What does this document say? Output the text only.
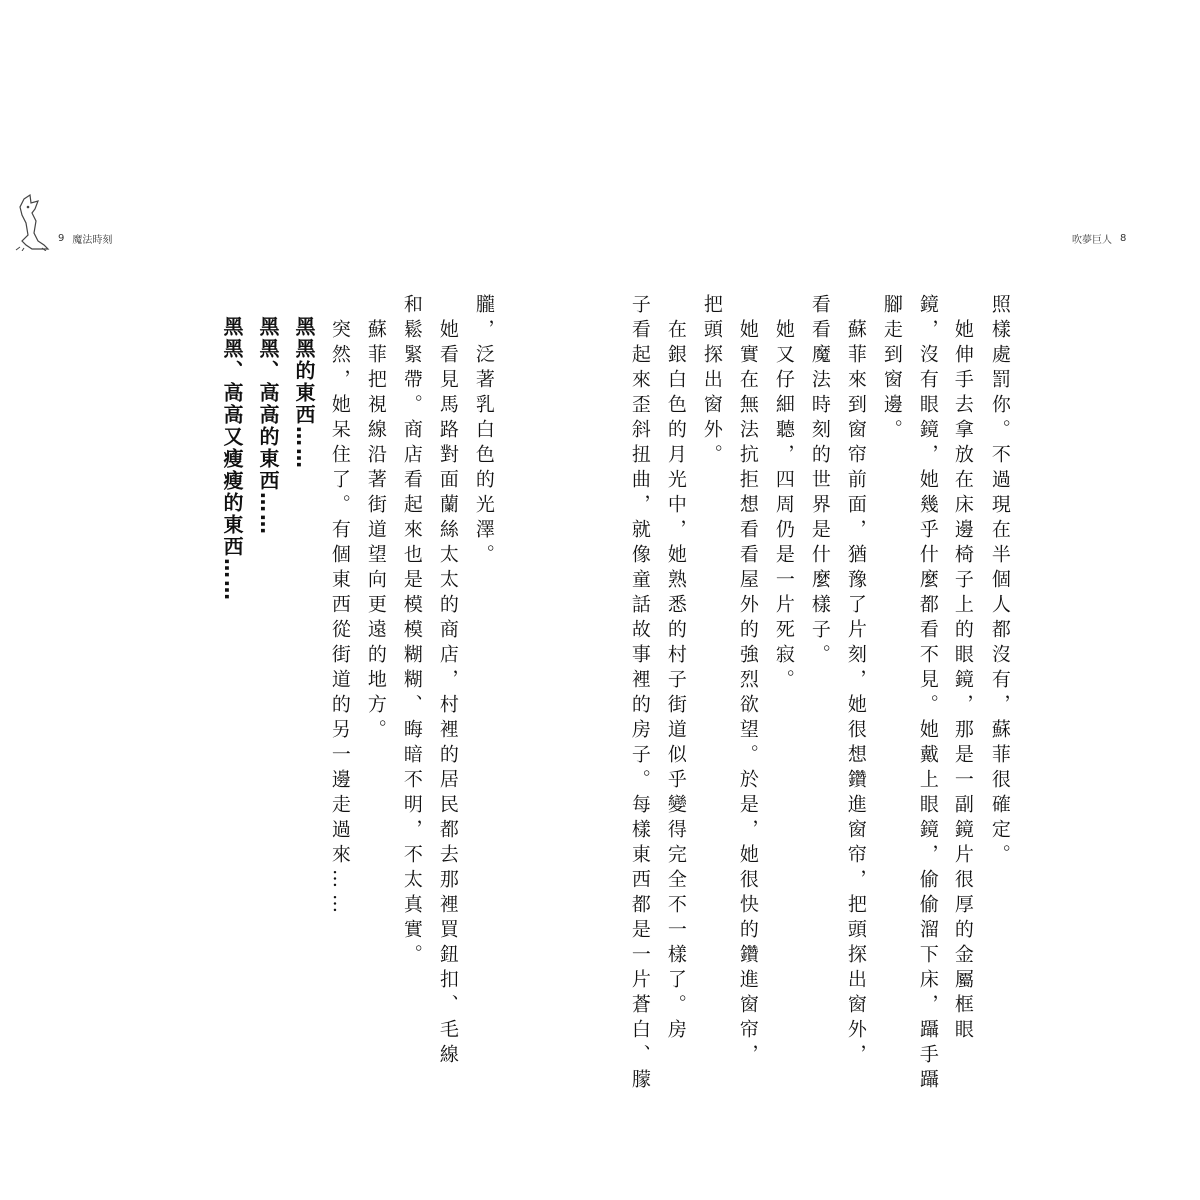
9 魔法時刻	吹夢巨人 8
照樣處罰你。不過現在半個人都沒有，蘇菲很確定。
　她伸手去拿放在床邊椅子上的眼鏡，那是一副鏡片很厚的金屬框眼
鏡，沒有眼鏡，她幾乎什麼都看不見。她戴上眼鏡，偷偷溜下床，躡手躡
腳走到窗邊。
　蘇菲來到窗帘前面，猶豫了片刻，她很想鑽進窗帘，把頭探出窗外，
看看魔法時刻的世界是什麼樣子。
　她又仔細聽，四周仍是一片死寂。
　她實在無法抗拒想看看屋外的強烈欲望。於是，她很快的鑽進窗帘，
把頭探出窗外。
　在銀白色的月光中，她熟悉的村子街道似乎變得完全不一樣了。房
子看起來歪斜扭曲，就像童話故事裡的房子。每樣東西都是一片蒼白、朦
朧，泛著乳白色的光澤。
　她看見馬路對面蘭絲太太的商店，村裡的居民都去那裡買鈕扣、毛線
和鬆緊帶。商店看起來也是模模糊糊、晦暗不明，不太真實。
　蘇菲把視線沿著街道望向更遠的地方。
　突然，她呆住了。有個東西從街道的另一邊走過來……
　黑黑的東西……
　黑黑、高高的東西……
　黑黑、高高又瘦瘦的東西……
